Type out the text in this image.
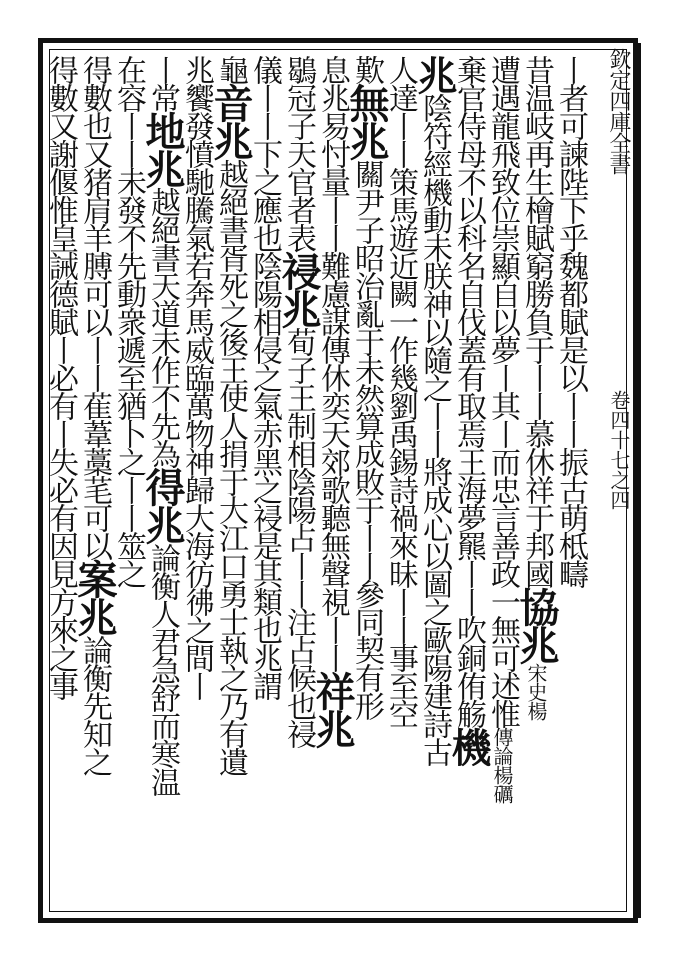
欽定四庫全書
卷四十七之四
丨者可諫陛下乎魏都賦是以丨丨振古萌柢疇
昔温岐再生檜賦窮勝負于丨丨慕休祥于邦國協兆宋史楊
遭遇龍飛致位崇顯自以夢丨其丨而忠言善政一無可述惟傳論楊礪
棄官侍母不以科名自伐蓋有取焉王海夢羆丨丨吹銅侑觞機
兆陰符經機動未朕神以隨之丨丨將成心以圖之歐陽建詩古
人達丨丨策馬遊近闕一作幾劉禹錫詩禍來昧丨丨事至空
歎無兆關尹子昭治亂于未然算成敗于丨丨參同契有形
息兆易忖量丨丨難慮謀傳休奕天郊歌聽無聲視丨丨祥兆
鶡冠子天官者表祲兆荀子王制相陰陽占丨丨注占候也祲
儀丨丨下之應也陰陽相侵之氣赤黑之祲是其類也兆謂
龜音兆越絕書胥死之後王使人捐于大江口勇士執之乃有遺
兆饗發憤馳騰氣若奔馬威臨萬物神歸大海彷彿之間丨
丨常地兆越絕書天道未作不先為得兆論衡人君急舒而寒温
在容丨丨未發不先動衆遞至猶卜之丨丨筮之
得數也又猪肩羊膊可以丨丨萑葦藁芼可以案兆論衡先知之
得數又謝偃惟皇誡德賦丨必有丨失必有因見方來之事
